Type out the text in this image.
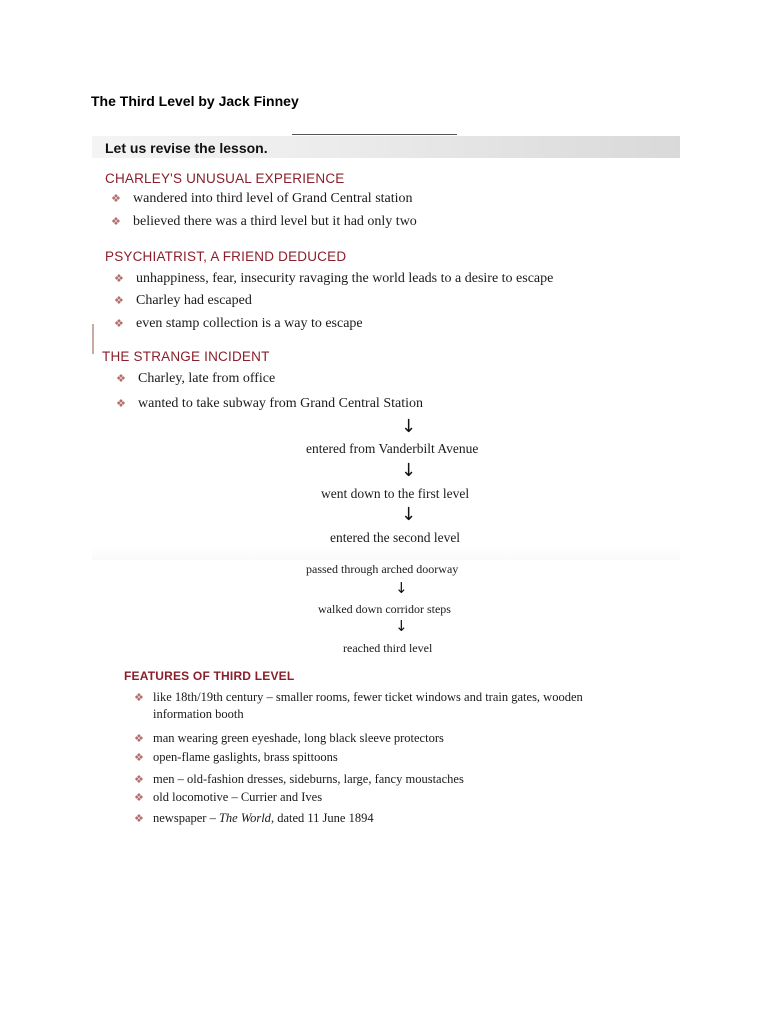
The Third Level by Jack Finney
Let us revise the lesson.
CHARLEY'S UNUSUAL EXPERIENCE
❖ wandered into third level of Grand Central station
❖ believed there was a third level but it had only two
PSYCHIATRIST, A FRIEND DEDUCED
❖ unhappiness, fear, insecurity ravaging the world leads to a desire to escape
❖ Charley had escaped
❖ even stamp collection is a way to escape
THE STRANGE INCIDENT
❖ Charley, late from office
❖ wanted to take subway from Grand Central Station
↓
entered from Vanderbilt Avenue
↓
went down to the first level
↓
entered the second level
passed through arched doorway
↓
walked down corridor steps
↓
reached third level
FEATURES OF THIRD LEVEL
❖ like 18th/19th century – smaller rooms, fewer ticket windows and train gates, wooden
information booth
❖ man wearing green eyeshade, long black sleeve protectors
❖ open-flame gaslights, brass spittoons
❖ men – old-fashion dresses, sideburns, large, fancy moustaches
❖ old locomotive – Currier and Ives
❖ newspaper – The World, dated 11 June 1894
